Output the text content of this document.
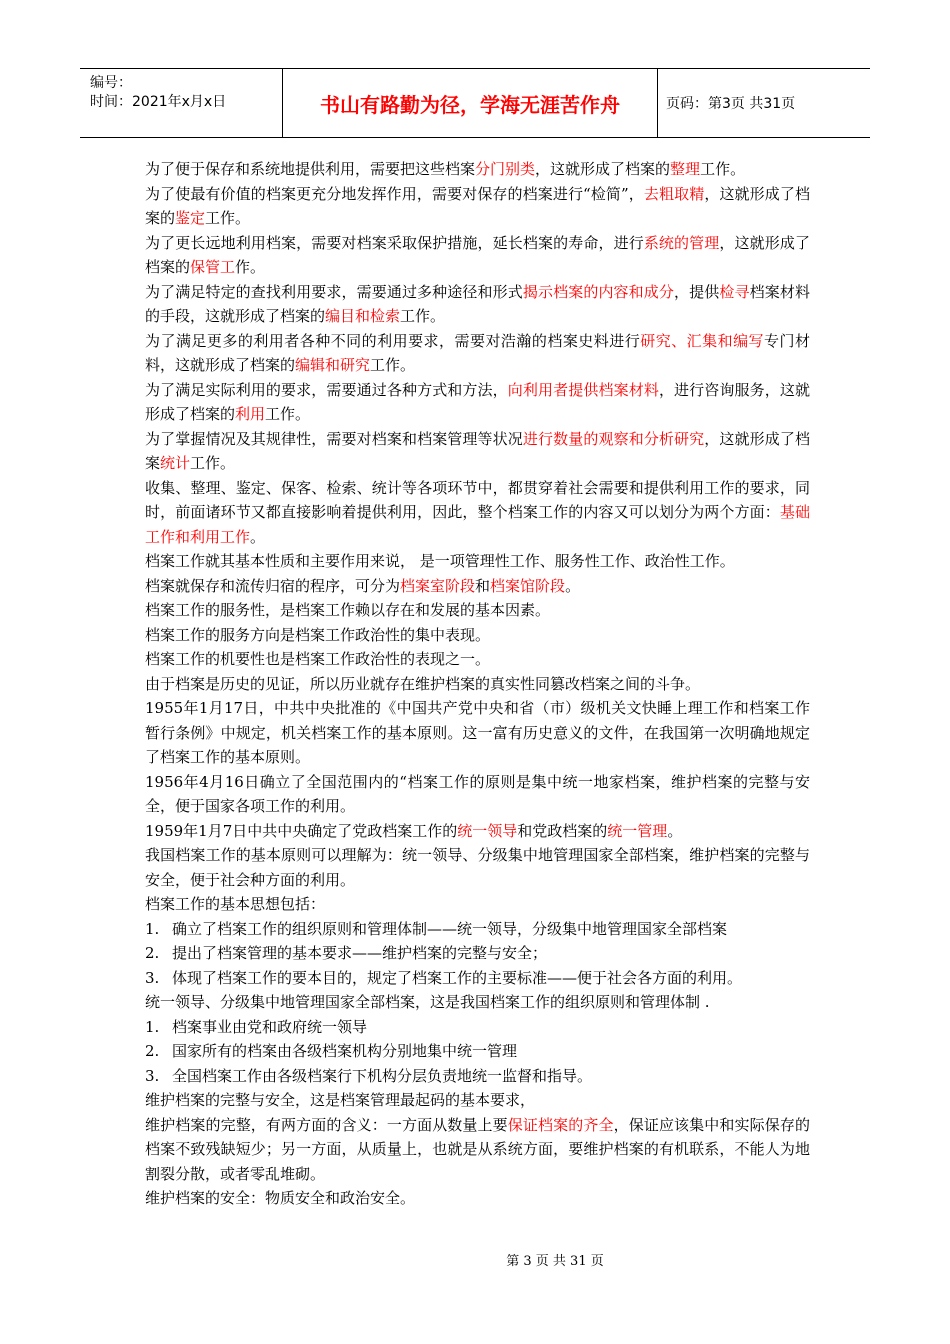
编号：
时间：2021年x月x日	书山有路勤为径，学海无涯苦作舟	页码：第3页 共31页

为了便于保存和系统地提供利用，需要把这些档案分门别类，这就形成了档案的整理工作。

为了使最有价值的档案更充分地发挥作用，需要对保存的档案进行“检简”，去粗取精，这就形成了档案的鉴定工作。

为了更长远地利用档案，需要对档案采取保护措施，延长档案的寿命，进行系统的管理，这就形成了档案的保管工作。

为了满足特定的查找利用要求，需要通过多种途径和形式揭示档案的内容和成分，提供检寻档案材料的手段，这就形成了档案的编目和检索工作。

为了满足更多的利用者各种不同的利用要求，需要对浩瀚的档案史料进行研究、汇集和编写专门材料，这就形成了档案的编辑和研究工作。

为了满足实际利用的要求，需要通过各种方式和方法，向利用者提供档案材料，进行咨询服务，这就形成了档案的利用工作。

为了掌握情况及其规律性，需要对档案和档案管理等状况进行数量的观察和分析研究，这就形成了档案统计工作。

收集、整理、鉴定、保客、检索、统计等各项环节中，都贯穿着社会需要和提供利用工作的要求，同时，前面诸环节又都直接影响着提供利用，因此，整个档案工作的内容又可以划分为两个方面：基础工作和利用工作。

档案工作就其基本性质和主要作用来说， 是一项管理性工作、服务性工作、政治性工作。

档案就保存和流传归宿的程序，可分为档案室阶段和档案馆阶段。

档案工作的服务性，是档案工作赖以存在和发展的基本因素。

档案工作的服务方向是档案工作政治性的集中表现。

档案工作的机要性也是档案工作政治性的表现之一。

由于档案是历史的见证，所以历业就存在维护档案的真实性同篡改档案之间的斗争。

1955年1月17日，中共中央批准的《中国共产党中央和省（市）级机关文快睡上理工作和档案工作暂行条例》中规定，机关档案工作的基本原则。这一富有历史意义的文件，在我国第一次明确地规定了档案工作的基本原则。

1956年4月16日确立了全国范围内的“档案工作的原则是集中统一地家档案，维护档案的完整与安全，便于国家各项工作的利用。

1959年1月7日中共中央确定了党政档案工作的统一领导和党政档案的统一管理。

我国档案工作的基本原则可以理解为：统一领导、分级集中地管理国家全部档案，维护档案的完整与安全，便于社会种方面的利用。

档案工作的基本思想包括：

1. 确立了档案工作的组织原则和管理体制——统一领导，分级集中地管理国家全部档案

2. 提出了档案管理的基本要求——维护档案的完整与安全；

3. 体现了档案工作的要本目的，规定了档案工作的主要标准——便于社会各方面的利用。

统一领导、分级集中地管理国家全部档案，这是我国档案工作的组织原则和管理体制 .

1. 档案事业由党和政府统一领导

2. 国家所有的档案由各级档案机构分别地集中统一管理

3. 全国档案工作由各级档案行下机构分层负责地统一监督和指导。

维护档案的完整与安全，这是档案管理最起码的基本要求，

维护档案的完整，有两方面的含义：一方面从数量上要保证档案的齐全，保证应该集中和实际保存的档案不致残缺短少；另一方面，从质量上，也就是从系统方面，要维护档案的有机联系，不能人为地割裂分散，或者零乱堆砌。

维护档案的安全：物质安全和政治安全。

第 3 页 共 31 页
